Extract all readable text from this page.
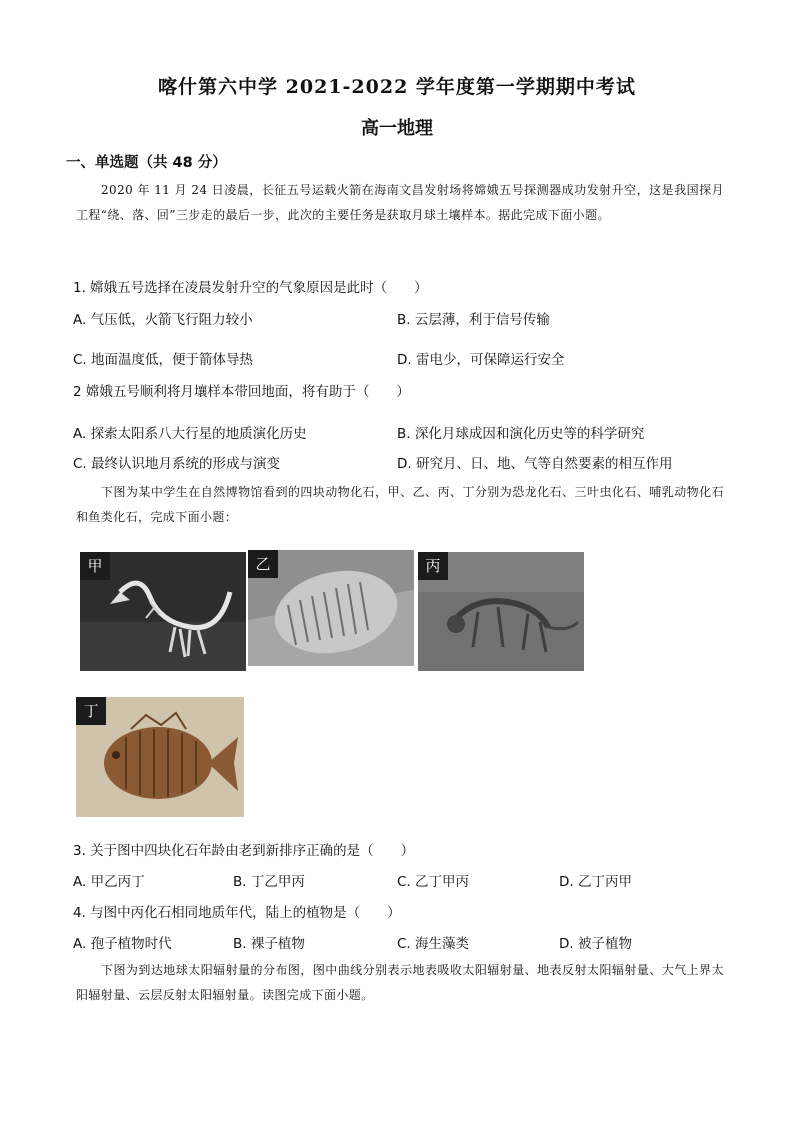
喀什第六中学 2021-2022 学年度第一学期期中考试
高一地理
一、单选题（共 48 分）
2020 年 11 月 24 日凌晨，长征五号运载火箭在海南文昌发射场将嫦娥五号探测器成功发射升空，这是我国探月工程“绕、落、回”三步走的最后一步，此次的主要任务是获取月球土壤样本。据此完成下面小题。
1. 嫦娥五号选择在凌晨发射升空的气象原因是此时（　　）
A. 气压低，火箭飞行阻力较小	B. 云层薄，利于信号传输
C. 地面温度低，便于箭体导热	D. 雷电少，可保障运行安全
2 嫦娥五号顺利将月壤样本带回地面，将有助于（　　）
A. 探索太阳系八大行星的地质演化历史	B. 深化月球成因和演化历史等的科学研究
C. 最终认识地月系统的形成与演变	D. 研究月、日、地、气等自然要素的相互作用
下图为某中学生在自然博物馆看到的四块动物化石，甲、乙、丙、丁分别为恐龙化石、三叶虫化石、哺乳动物化石和鱼类化石，完成下面小题：
甲	乙	丙
丁
3. 关于图中四块化石年龄由老到新排序正确的是（　　）
A. 甲乙丙丁	B. 丁乙甲丙	C. 乙丁甲丙	D. 乙丁丙甲
4. 与图中丙化石相同地质年代，陆上的植物是（　　）
A. 孢子植物时代	B. 裸子植物	C. 海生藻类	D. 被子植物
下图为到达地球太阳辐射量的分布图，图中曲线分别表示地表吸收太阳辐射量、地表反射太阳辐射量、大气上界太阳辐射量、云层反射太阳辐射量。读图完成下面小题。
